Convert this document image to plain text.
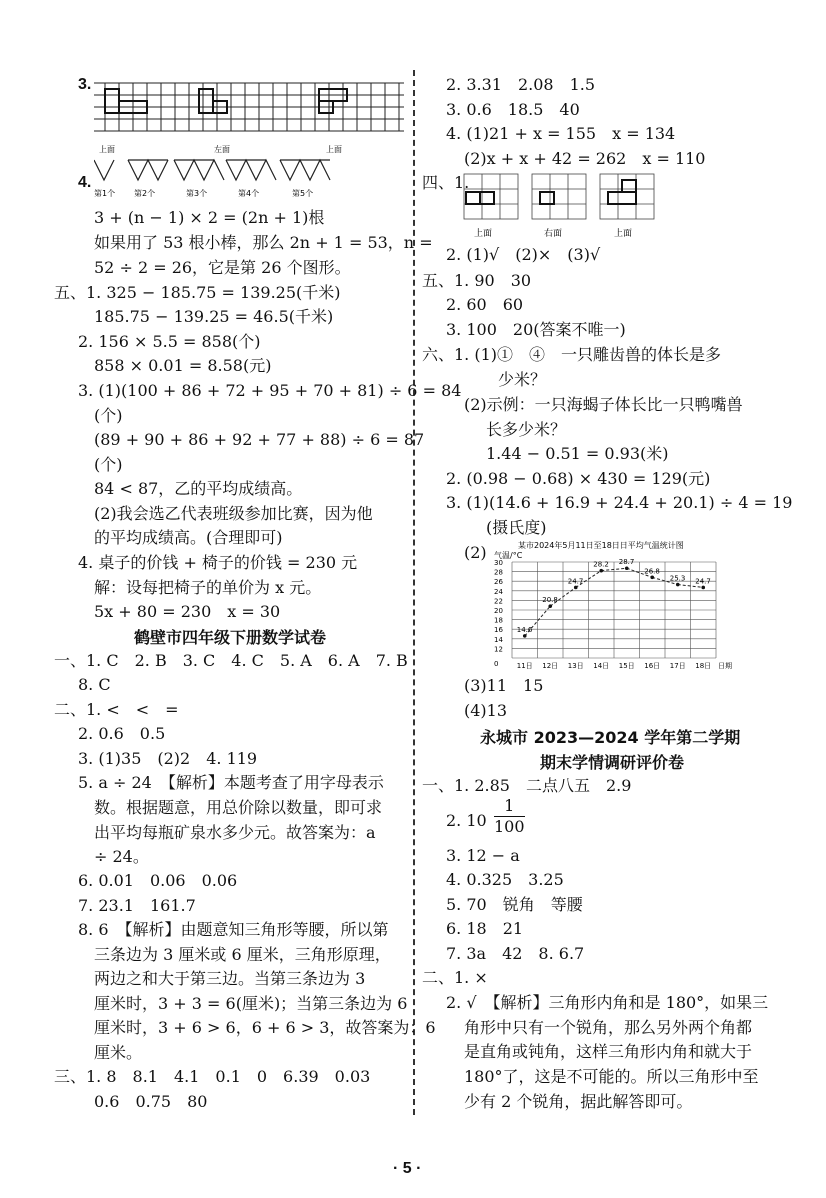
3.
上面	左面	上面
4.
第1个 第2个	第3个	第4个	第5个
3 + (n − 1) × 2 = (2n + 1)根
如果用了 53 根小棒，那么 2n + 1 = 53，n =
52 ÷ 2 = 26，它是第 26 个图形。
五、1. 325 − 185.75 = 139.25(千米)
185.75 − 139.25 = 46.5(千米)
2. 156 × 5.5 = 858(个)
858 × 0.01 = 8.58(元)
3. (1)(100 + 86 + 72 + 95 + 70 + 81) ÷ 6 = 84
(个)
(89 + 90 + 86 + 92 + 77 + 88) ÷ 6 = 87
(个)
84 < 87，乙的平均成绩高。
(2)我会选乙代表班级参加比赛，因为他
的平均成绩高。(合理即可)
4. 桌子的价钱 + 椅子的价钱 = 230 元
解：设每把椅子的单价为 x 元。
5x + 80 = 230　x = 30
鹤壁市四年级下册数学试卷
一、1. C　2. B　3. C　4. C　5. A　6. A　7. B
8. C
二、1. <　<　=
2. 0.6　0.5
3. (1)35　(2)2　4. 119
5. a ÷ 24　【解析】本题考查了用字母表示
数。根据题意，用总价除以数量，即可求
出平均每瓶矿泉水多少元。故答案为：a
÷ 24。
6. 0.01　0.06　0.06
7. 23.1　161.7
8. 6　【解析】由题意知三角形等腰，所以第
三条边为 3 厘米或 6 厘米，三角形原理，
两边之和大于第三边。当第三条边为 3
厘米时，3 + 3 = 6(厘米)；当第三条边为 6
厘米时，3 + 6 > 6，6 + 6 > 3，故答案为：6
厘米。
三、1. 8　8.1　4.1　0.1　0　6.39　0.03
0.6　0.75　80
2. 3.31　2.08　1.5
3. 0.6　18.5　40
4. (1)21 + x = 155　x = 134
(2)x + x + 42 = 262　x = 110
四、1.
上面	右面	上面
2. (1)√　(2)×　(3)√
五、1. 90　30
2. 60　60
3. 100　20(答案不唯一)
六、1. (1)①　④　一只雕齿兽的体长是多
少米？
(2)示例：一只海蝎子体长比一只鸭嘴兽
长多少米？
1.44 − 0.51 = 0.93(米)
2. (0.98 − 0.68) × 430 = 129(元)
3. (1)(14.6 + 16.9 + 24.4 + 20.1) ÷ 4 = 19
(摄氏度)
(2)	某市2024年5月11日至18日日平均气温统计图
气温/°C
14.6
20.8
24.7
28.2 28.7
26.8
25.3 24.7
11日 12日 13日 14日 15日 16日 17日 18日 日期
12
14
16
18
20
22
24
26
28
30
0
(3)11　15
(4)13
永城市 2023—2024 学年第二学期
期末学情调研评价卷
一、1. 2.85　二点八五　2.9
2. $10 \frac{1}{100}$
3. 12 − a
4. 0.325　3.25
5. 70　锐角　等腰
6. 18　21
7. 3a　42　8. 6.7
二、1. ×
2. √　【解析】三角形内角和是 180°，如果三
角形中只有一个锐角，那么另外两个角都
是直角或钝角，这样三角形内角和就大于
180°了，这是不可能的。所以三角形中至
少有 2 个锐角，据此解答即可。
· 5 ·
